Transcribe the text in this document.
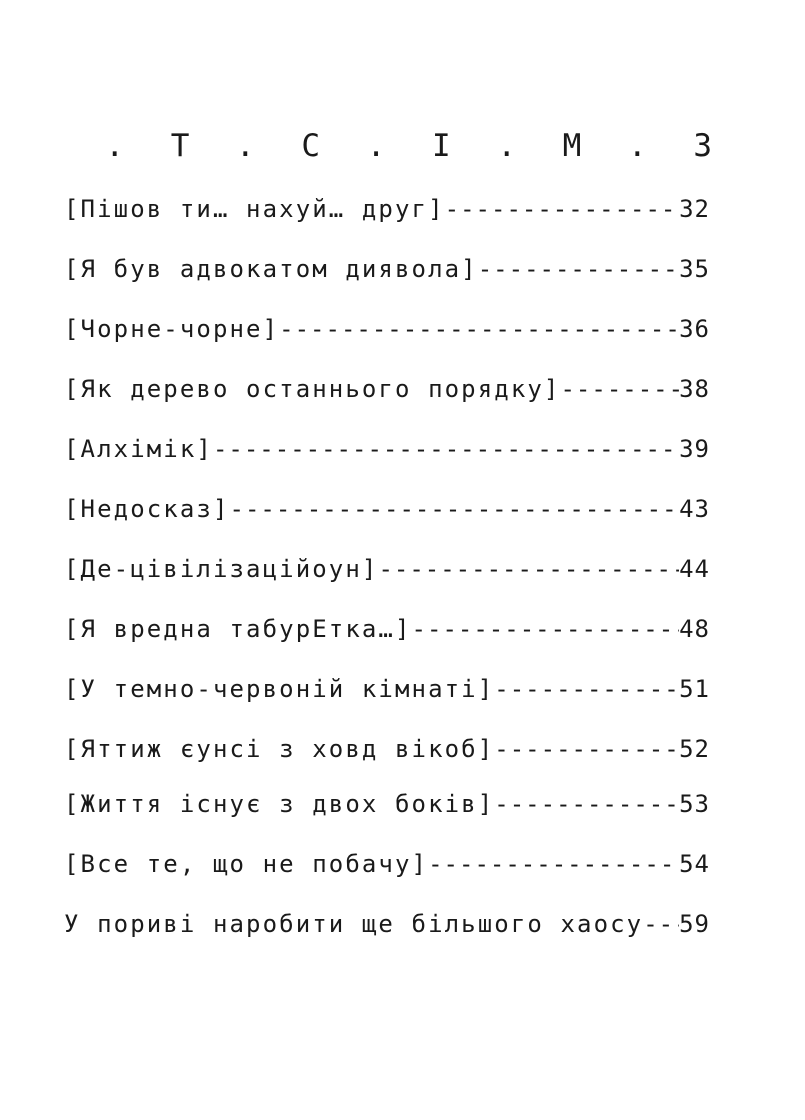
. Т . С . І . М . З
[Пішов ти… нахуй… друг] -----	32
[Я був адвокатом диявола] -----	35
[Чорне-чорне] -----	36
[Як дерево останнього порядку] -----	38
[Алхімік] -----	39
[Недосказ] -----	43
[Де-цівілізаційоун] -----	44
[Я вредна табурЕтка…] -----	48
[У темно-червоній кімнаті] -----	51
[Яттиж єунсі з ховд вікоб] -----	52
[Життя існує з двох боків] -----	53
[Все те, що не побачу] -----	54
У пориві наробити ще більшого хаосу ----- 59
